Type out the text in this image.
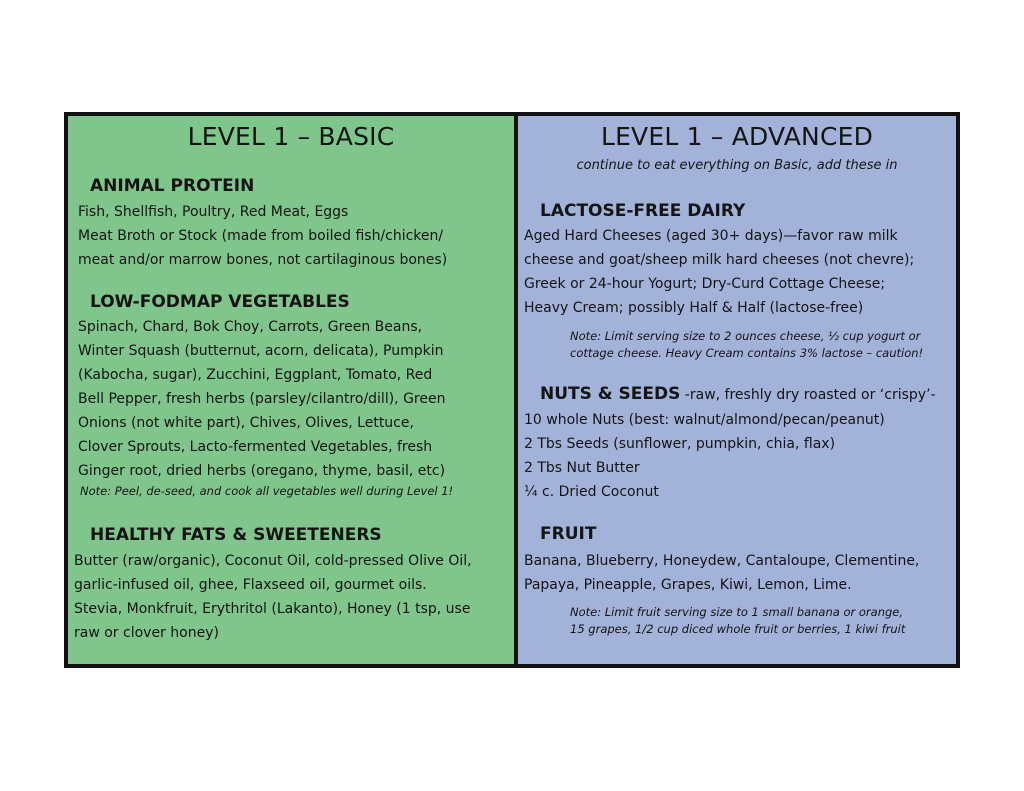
LEVEL 1 – BASIC
ANIMAL PROTEIN
Fish, Shellfish, Poultry, Red Meat, Eggs
Meat Broth or Stock (made from boiled fish/chicken/
meat and/or marrow bones, not cartilaginous bones)
LOW-FODMAP VEGETABLES
Spinach, Chard, Bok Choy, Carrots, Green Beans,
Winter Squash (butternut, acorn, delicata), Pumpkin
(Kabocha, sugar), Zucchini, Eggplant, Tomato, Red
Bell Pepper, fresh herbs (parsley/cilantro/dill), Green
Onions (not white part), Chives, Olives, Lettuce,
Clover Sprouts, Lacto-fermented Vegetables, fresh
Ginger root, dried herbs (oregano, thyme, basil, etc)
Note: Peel, de-seed, and cook all vegetables well during Level 1!
HEALTHY FATS & SWEETENERS
Butter (raw/organic), Coconut Oil, cold-pressed Olive Oil,
garlic-infused oil, ghee, Flaxseed oil, gourmet oils.
Stevia, Monkfruit, Erythritol (Lakanto), Honey (1 tsp, use
raw or clover honey)
LEVEL 1 – ADVANCED

continue to eat everything on Basic, add these in

LACTOSE-FREE DAIRY
Aged Hard Cheeses (aged 30+ days)—favor raw milk
cheese and goat/sheep milk hard cheeses (not chevre);
Greek or 24-hour Yogurt; Dry-Curd Cottage Cheese;
Heavy Cream; possibly Half & Half (lactose-free)
Note: Limit serving size to 2 ounces cheese, ½ cup yogurt or
cottage cheese. Heavy Cream contains 3% lactose – caution!
NUTS & SEEDS -raw, freshly dry roasted or ‘crispy’-
10 whole Nuts (best: walnut/almond/pecan/peanut)
2 Tbs Seeds (sunflower, pumpkin, chia, flax)
2 Tbs Nut Butter
¼ c. Dried Coconut
FRUIT
Banana, Blueberry, Honeydew, Cantaloupe, Clementine,
Papaya, Pineapple, Grapes, Kiwi, Lemon, Lime.
Note: Limit fruit serving size to 1 small banana or orange,
15 grapes, 1/2 cup diced whole fruit or berries, 1 kiwi fruit
